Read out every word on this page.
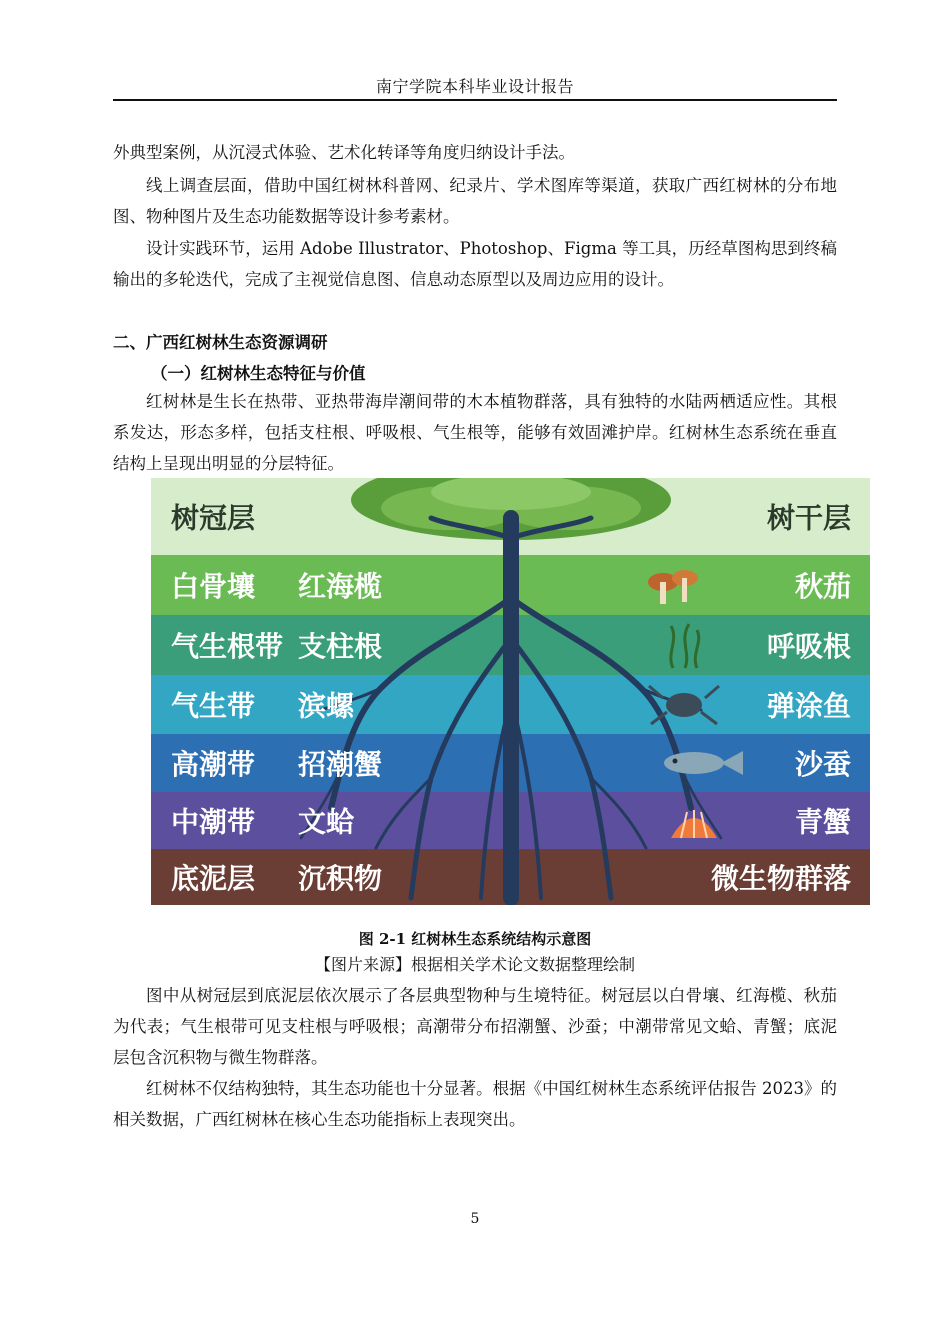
南宁学院本科毕业设计报告
外典型案例，从沉浸式体验、艺术化转译等角度归纳设计手法。
线上调查层面，借助中国红树林科普网、纪录片、学术图库等渠道，获取广西红树林的分布地图、物种图片及生态功能数据等设计参考素材。
设计实践环节，运用 Adobe Illustrator、Photoshop、Figma 等工具，历经草图构思到终稿输出的多轮迭代，完成了主视觉信息图、信息动态原型以及周边应用的设计。
二、广西红树林生态资源调研
（一）红树林生态特征与价值
红树林是生长在热带、亚热带海岸潮间带的木本植物群落，具有独特的水陆两栖适应性。其根系发达，形态多样，包括支柱根、呼吸根、气生根等，能够有效固滩护岸。红树林生态系统在垂直结构上呈现出明显的分层特征。
树冠层	树干层
白骨壤 红海榄	秋茄
气生根带 支柱根	呼吸根
气生带 滨螺	弹涂鱼
高潮带 招潮蟹	沙蚕
中潮带 文蛤	青蟹
底泥层 沉积物	微生物群落
图 2-1 红树林生态系统结构示意图
【图片来源】根据相关学术论文数据整理绘制
图中从树冠层到底泥层依次展示了各层典型物种与生境特征。树冠层以白骨壤、红海榄、秋茄为代表；气生根带可见支柱根与呼吸根；高潮带分布招潮蟹、沙蚕；中潮带常见文蛤、青蟹；底泥层包含沉积物与微生物群落。
红树林不仅结构独特，其生态功能也十分显著。根据《中国红树林生态系统评估报告 2023》的相关数据，广西红树林在核心生态功能指标上表现突出。
5
